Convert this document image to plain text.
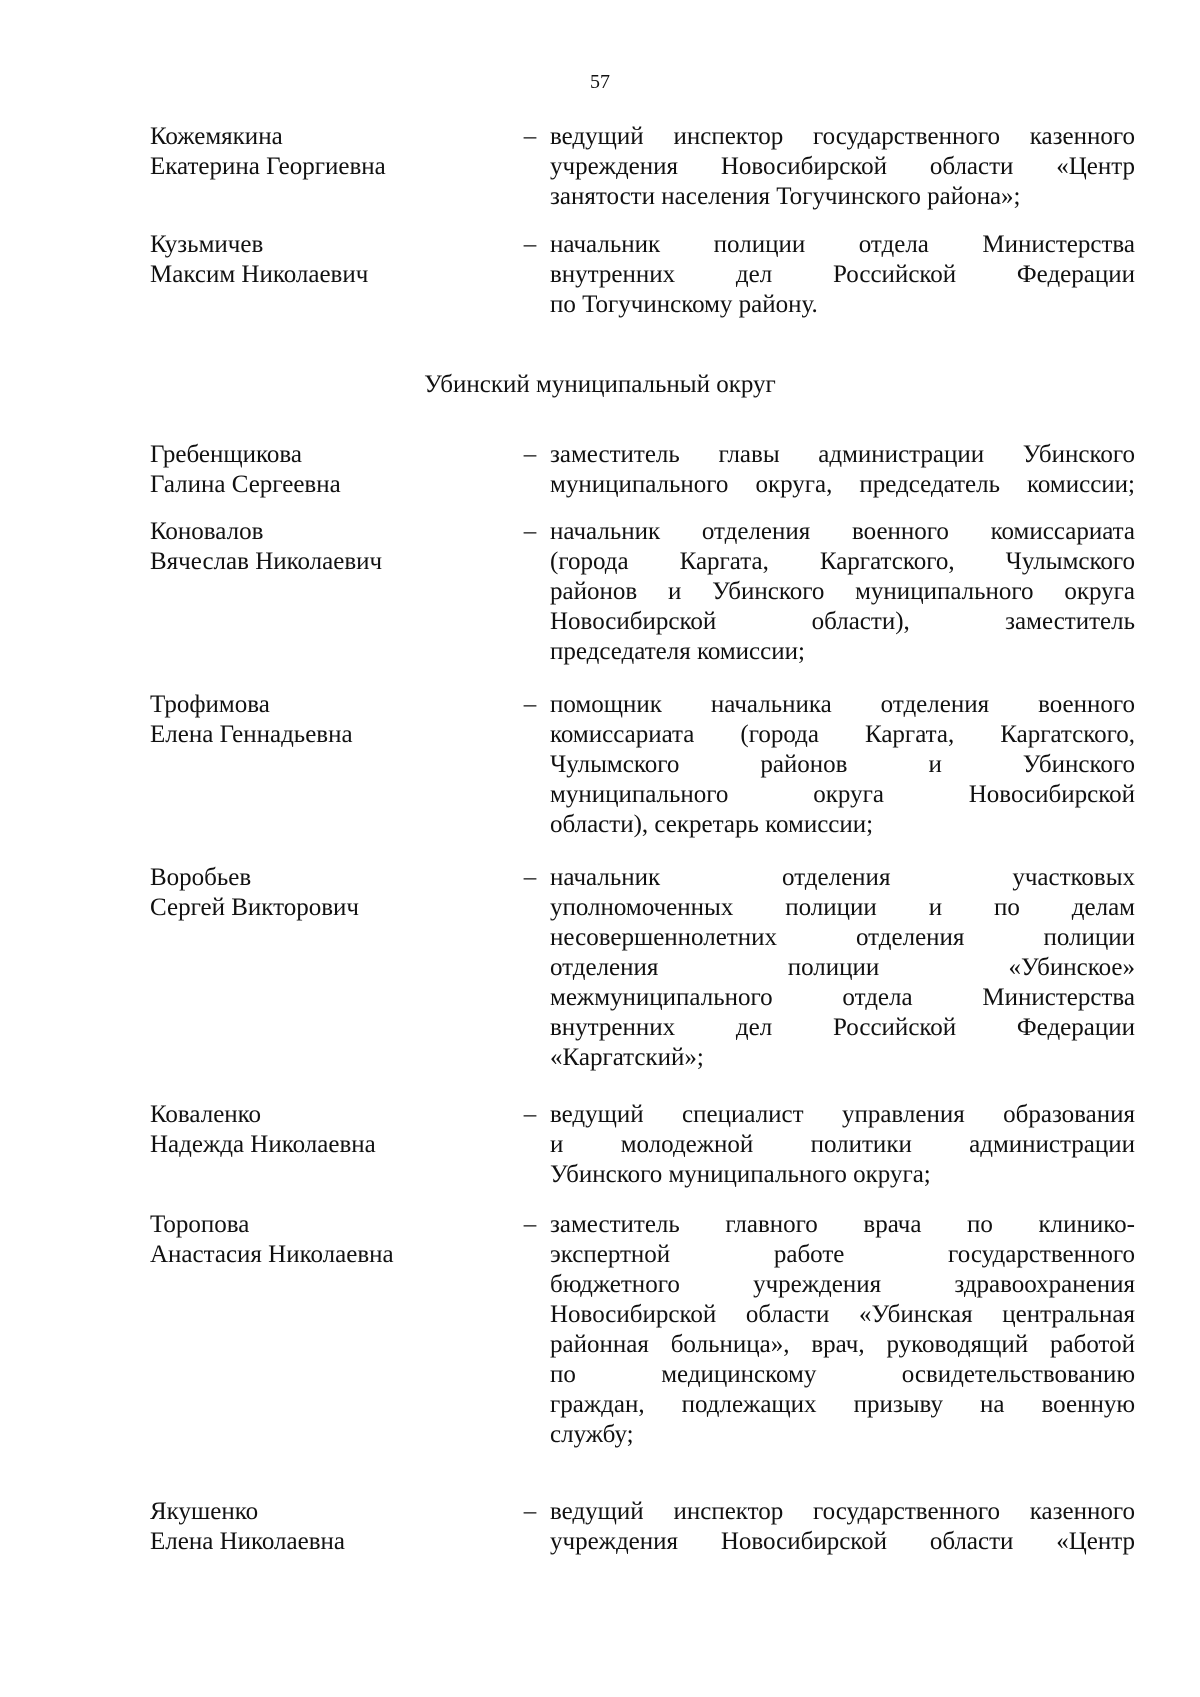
57
Кожемякина
Екатерина Георгиевна
– ведущий инспектор государственного казенного
учреждения Новосибирской области «Центр
занятости населения Тогучинского района»;
Кузьмичев
Максим Николаевич
– начальник полиции отдела Министерства
внутренних дел Российской Федерации
по Тогучинскому району.
Убинский муниципальный округ
Гребенщикова
Галина Сергеевна
– заместитель главы администрации Убинского
муниципального округа, председатель комиссии;
Коновалов
Вячеслав Николаевич
– начальник отделения военного комиссариата
(города Каргата, Каргатского, Чулымского
районов и Убинского муниципального округа
Новосибирской области), заместитель
председателя комиссии;
Трофимова
Елена Геннадьевна
– помощник начальника отделения военного
комиссариата (города Каргата, Каргатского,
Чулымского районов и Убинского
муниципального округа Новосибирской
области), секретарь комиссии;
Воробьев
Сергей Викторович
– начальник отделения участковых
уполномоченных полиции и по делам
несовершеннолетних отделения полиции
отделения полиции «Убинское»
межмуниципального отдела Министерства
внутренних дел Российской Федерации
«Каргатский»;
Коваленко
Надежда Николаевна
– ведущий специалист управления образования
и молодежной политики администрации
Убинского муниципального округа;
Торопова
Анастасия Николаевна
– заместитель главного врача по клинико-
экспертной работе государственного
бюджетного учреждения здравоохранения
Новосибирской области «Убинская центральная
районная больница», врач, руководящий работой
по медицинскому освидетельствованию
граждан, подлежащих призыву на военную
службу;
Якушенко
Елена Николаевна
– ведущий инспектор государственного казенного
учреждения Новосибирской области «Центр
